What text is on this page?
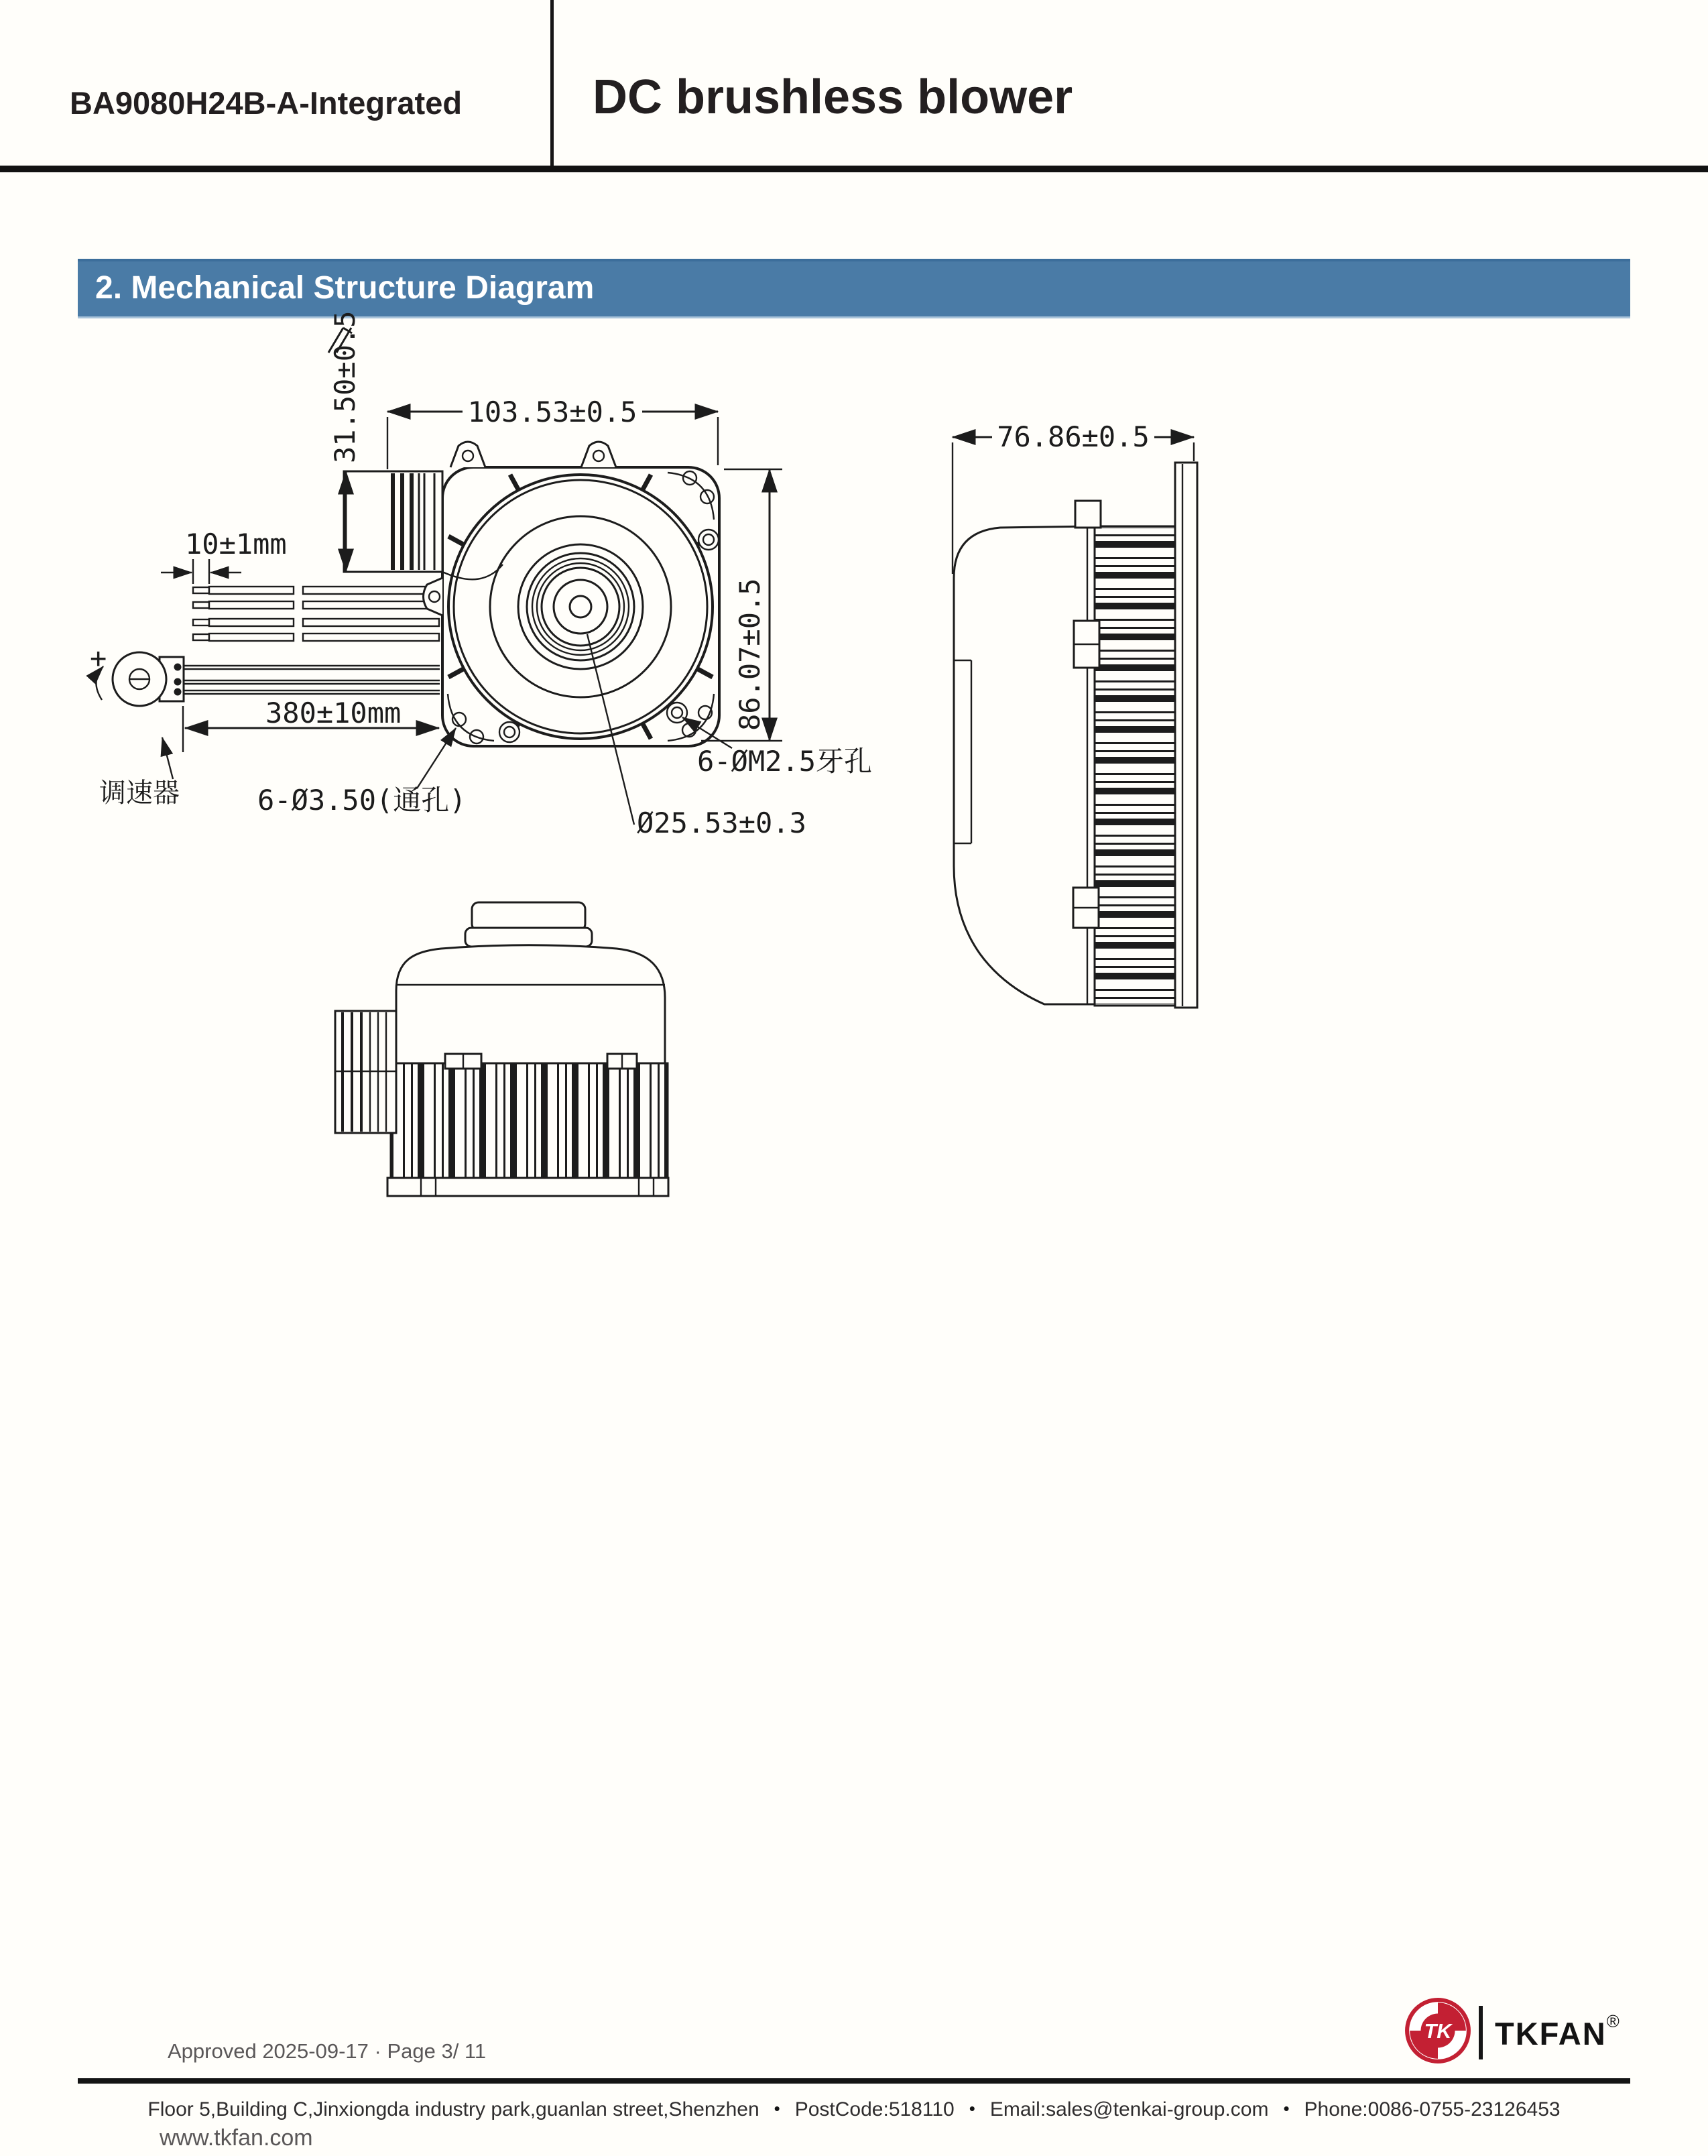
BA9080H24B-A-Integrated	DC brushless blower
2. Mechanical Structure Diagram
+
103.53±0.5
31.50±0.5
86.07±0.5
10±1mm
380±10mm
调速器	6-Ø3.50(通孔)
6-ØM2.5牙孔
Ø25.53±0.3
76.86±0.5
Approved 2025-09-17 · Page 3/ 11
TK TKFAN®
Floor 5,Building C,Jinxiongda industry park,guanlan street,Shenzhen • PostCode:518110 • Email:sales@tenkai-group.com • Phone:0086-0755-23126453
www.tkfan.com
